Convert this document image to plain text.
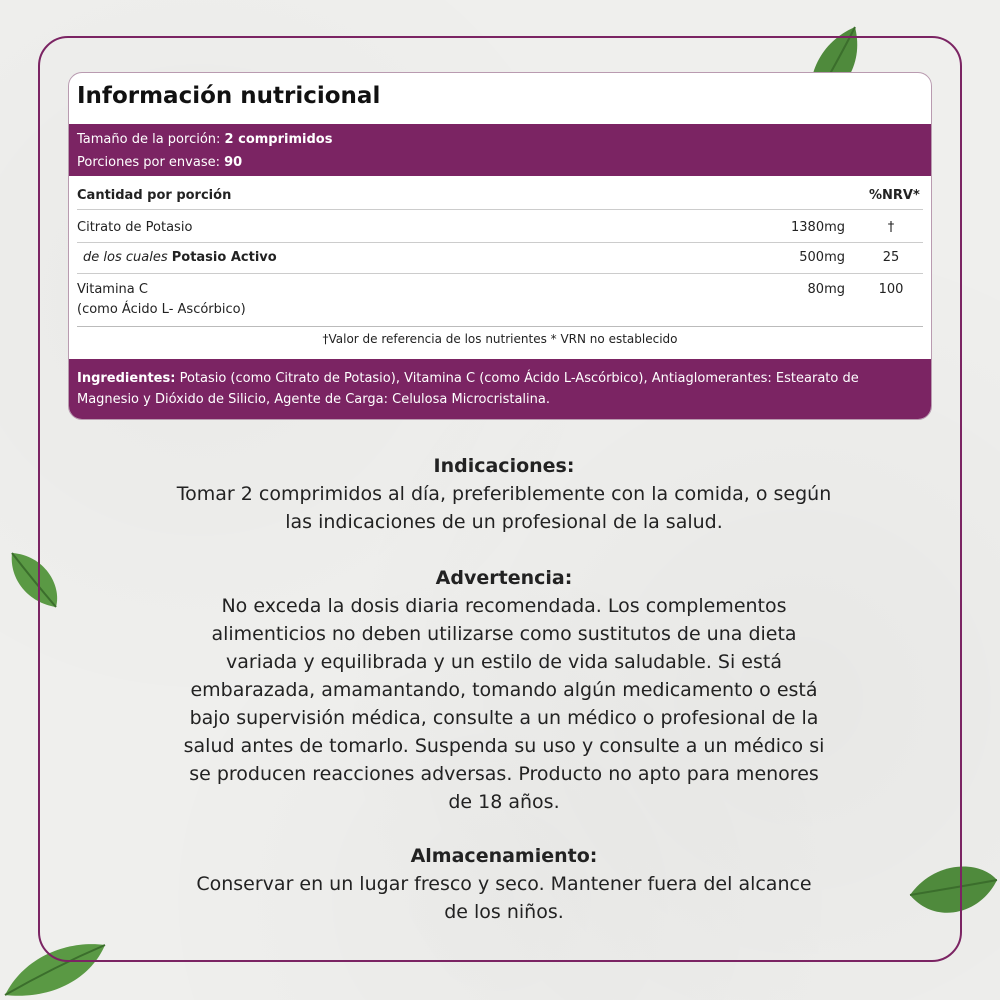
Información nutricional
Tamaño de la porción: 2 comprimidos
Porciones por envase: 90
Cantidad por porción	%NRV*
Citrato de Potasio	1380mg	†
de los cuales Potasio Activo	500mg	25
Vitamina C
(como Ácido L- Ascórbico)
80mg	100
†Valor de referencia de los nutrientes * VRN no establecido
Ingredientes: Potasio (como Citrato de Potasio), Vitamina C (como Ácido L-Ascórbico), Antiaglomerantes: Estearato de Magnesio y Dióxido de Silicio, Agente de Carga: Celulosa Microcristalina.
Indicaciones:

Tomar 2 comprimidos al día, preferiblemente con la comida, o según

las indicaciones de un profesional de la salud.

Advertencia:

No exceda la dosis diaria recomendada. Los complementos

alimenticios no deben utilizarse como sustitutos de una dieta

variada y equilibrada y un estilo de vida saludable. Si está

embarazada, amamantando, tomando algún medicamento o está

bajo supervisión médica, consulte a un médico o profesional de la

salud antes de tomarlo. Suspenda su uso y consulte a un médico si

se producen reacciones adversas. Producto no apto para menores

de 18 años.

Almacenamiento:

Conservar en un lugar fresco y seco. Mantener fuera del alcance

de los niños.
